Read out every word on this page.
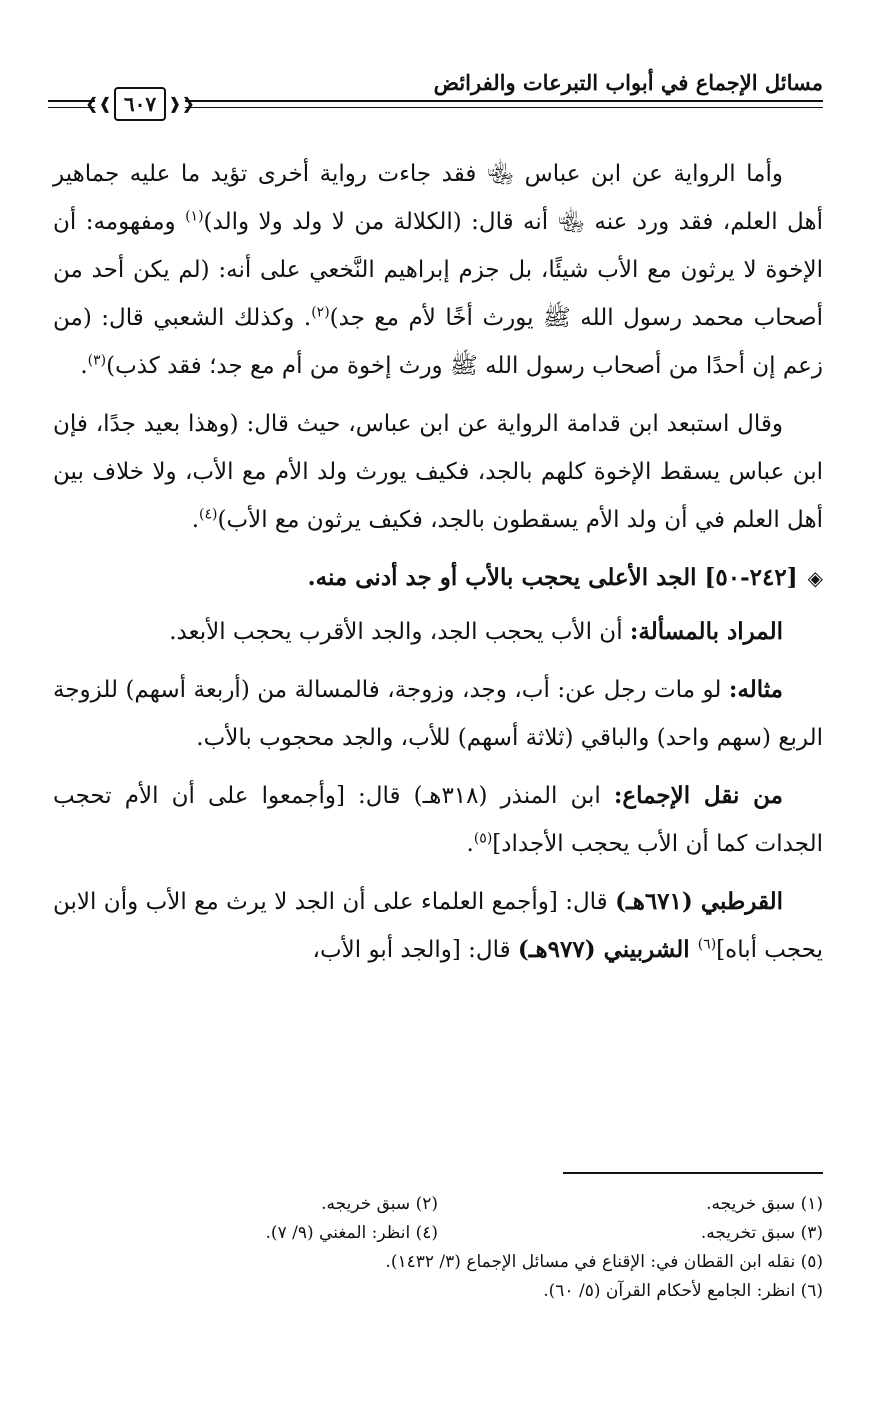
مسائل الإجماع في أبواب التبرعات والفرائض
❮❰ ٦٠٧ ❱❯

وأما الرواية عن ابن عباس ﵄ فقد جاءت رواية أخرى تؤيد ما عليه جماهير أهل العلم، فقد ورد عنه ﵄ أنه قال: (الكلالة من لا ولد ولا والد)$^{(١)}$ ومفهومه: أن الإخوة لا يرثون مع الأب شيئًا، بل جزم إبراهيم النَّخعي على أنه: (لم يكن أحد من أصحاب محمد رسول الله ﷺ يورث أخًا لأم مع جد)$^{(٢)}$. وكذلك الشعبي قال: (من زعم إن أحدًا من أصحاب رسول الله ﷺ ورث إخوة من أم مع جد؛ فقد كذب)$^{(٣)}$.

وقال استبعد ابن قدامة الرواية عن ابن عباس، حيث قال: (وهذا بعيد جدًا، فإن ابن عباس يسقط الإخوة كلهم بالجد، فكيف يورث ولد الأم مع الأب، ولا خلاف بين أهل العلم في أن ولد الأم يسقطون بالجد، فكيف يرثون مع الأب)$^{(٤)}$.

◈[٢٤٢-٥٠] الجد الأعلى يحجب بالأب أو جد أدنى منه.

المراد بالمسألة: أن الأب يحجب الجد، والجد الأقرب يحجب الأبعد.

مثاله: لو مات رجل عن: أب، وجد، وزوجة، فالمسالة من (أربعة أسهم) للزوجة الربع (سهم واحد) والباقي (ثلاثة أسهم) للأب، والجد محجوب بالأب.

من نقل الإجماع: ابن المنذر (٣١٨هـ) قال: [وأجمعوا على أن الأم تحجب الجدات كما أن الأب يحجب الأجداد]$^{(٥)}$.

القرطبي (٦٧١هـ) قال: [وأجمع العلماء على أن الجد لا يرث مع الأب وأن الابن يحجب أباه]$^{(٦)}$ الشربيني (٩٧٧هـ) قال: [والجد أبو الأب،

(١) سبق خريجه.
(٢) سبق خريجه.
(٣) سبق تخريجه.
(٤) انظر: المغني (٩/ ٧).
(٥) نقله ابن القطان في: الإقناع في مسائل الإجماع (٣/ ١٤٣٢).
(٦) انظر: الجامع لأحكام القرآن (٥/ ٦٠).
